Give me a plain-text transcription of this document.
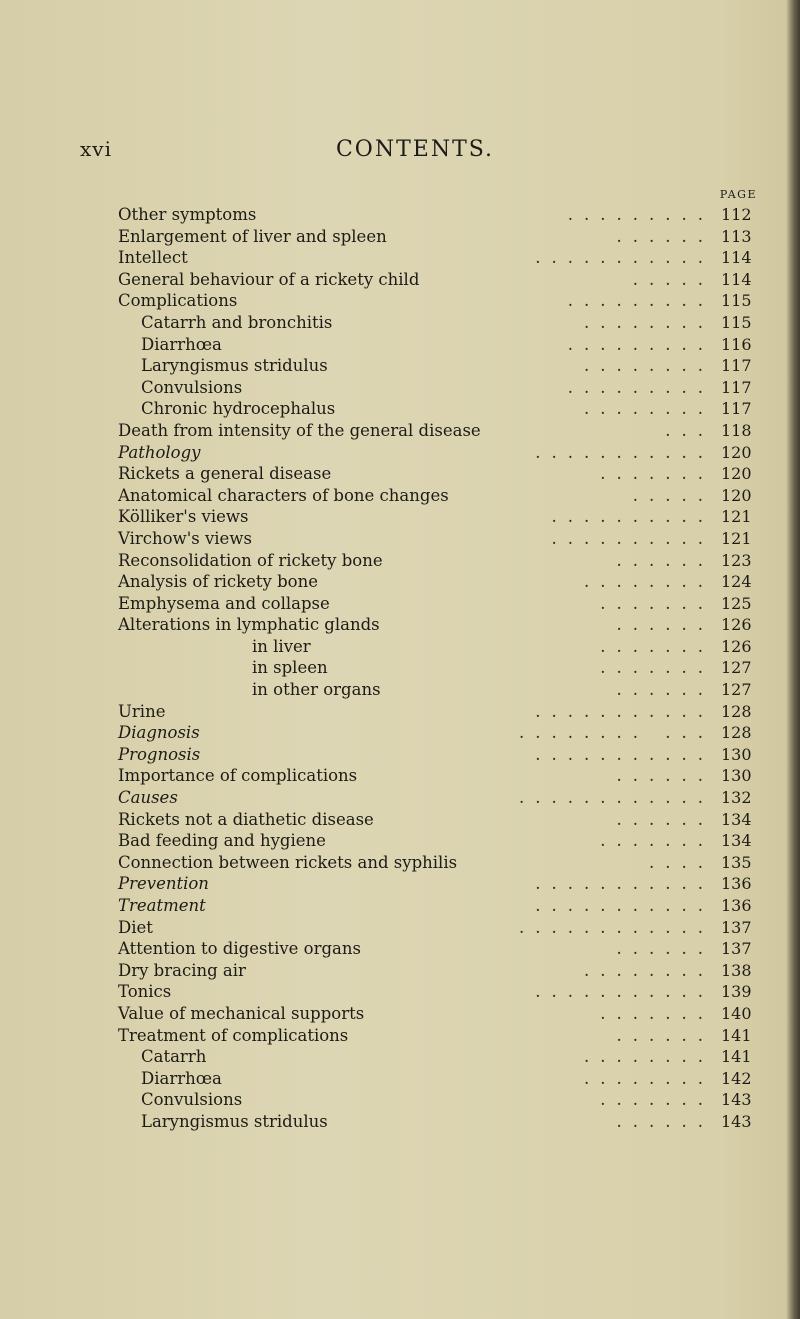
xvi	CONTENTS.
PAGE
Other symptoms	......... 112
Enlargement of liver and spleen	...... 113
Intellect	........... 114
General behaviour of a rickety child	..... 114
Complications	......... 115
Catarrh and bronchitis	........ 115
Diarrhœa	......... 116
Laryngismus stridulus	........ 117
Convulsions	......... 117
Chronic hydrocephalus	........ 117
Death from intensity of the general disease	... 118
Pathology	........... 120
Rickets a general disease	....... 120
Anatomical characters of bone changes	..... 120
Kölliker's views	.......... 121
Virchow's views	.......... 121
Reconsolidation of rickety bone	...... 123
Analysis of rickety bone	........ 124
Emphysema and collapse	....... 125
Alterations in lymphatic glands	...... 126
in liver	....... 126
in spleen	....... 127
in other organs	...... 127
Urine	........... 128
Diagnosis	........ ... 128
Prognosis	........... 130
Importance of complications	...... 130
Causes	............ 132
Rickets not a diathetic disease	...... 134
Bad feeding and hygiene	....... 134
Connection between rickets and syphilis	.... 135
Prevention	........... 136
Treatment	........... 136
Diet	............ 137
Attention to digestive organs	...... 137
Dry bracing air	........ 138
Tonics	........... 139
Value of mechanical supports	....... 140
Treatment of complications	...... 141
Catarrh	........ 141
Diarrhœa	........ 142
Convulsions	....... 143
Laryngismus stridulus	...... 143
